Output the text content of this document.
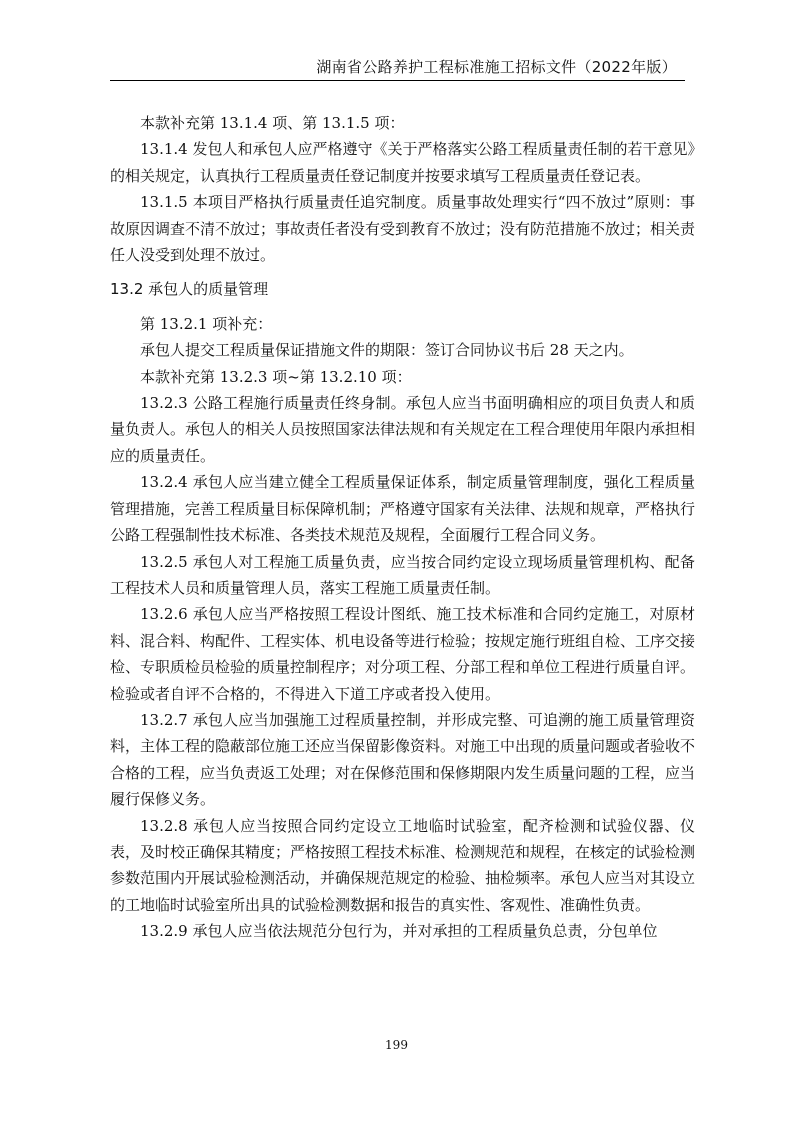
湖南省公路养护工程标准施工招标文件（2022年版）

本款补充第 13.1.4 项、第 13.1.5 项：

13.1.4 发包人和承包人应严格遵守《关于严格落实公路工程质量责任制的若干意见》的相关规定，认真执行工程质量责任登记制度并按要求填写工程质量责任登记表。

13.1.5 本项目严格执行质量责任追究制度。质量事故处理实行“四不放过”原则：事故原因调查不清不放过；事故责任者没有受到教育不放过；没有防范措施不放过；相关责任人没受到处理不放过。

13.2 承包人的质量管理

第 13.2.1 项补充：

承包人提交工程质量保证措施文件的期限：签订合同协议书后 28 天之内。

本款补充第 13.2.3 项~第 13.2.10 项：

13.2.3 公路工程施行质量责任终身制。承包人应当书面明确相应的项目负责人和质量负责人。承包人的相关人员按照国家法律法规和有关规定在工程合理使用年限内承担相应的质量责任。

13.2.4 承包人应当建立健全工程质量保证体系，制定质量管理制度，强化工程质量管理措施，完善工程质量目标保障机制；严格遵守国家有关法律、法规和规章，严格执行公路工程强制性技术标准、各类技术规范及规程，全面履行工程合同义务。

13.2.5 承包人对工程施工质量负责，应当按合同约定设立现场质量管理机构、配备工程技术人员和质量管理人员，落实工程施工质量责任制。

13.2.6 承包人应当严格按照工程设计图纸、施工技术标准和合同约定施工，对原材料、混合料、构配件、工程实体、机电设备等进行检验；按规定施行班组自检、工序交接检、专职质检员检验的质量控制程序；对分项工程、分部工程和单位工程进行质量自评。检验或者自评不合格的，不得进入下道工序或者投入使用。

13.2.7 承包人应当加强施工过程质量控制，并形成完整、可追溯的施工质量管理资料，主体工程的隐蔽部位施工还应当保留影像资料。对施工中出现的质量问题或者验收不合格的工程，应当负责返工处理；对在保修范围和保修期限内发生质量问题的工程，应当履行保修义务。

13.2.8 承包人应当按照合同约定设立工地临时试验室，配齐检测和试验仪器、仪表，及时校正确保其精度；严格按照工程技术标准、检测规范和规程，在核定的试验检测参数范围内开展试验检测活动，并确保规范规定的检验、抽检频率。承包人应当对其设立的工地临时试验室所出具的试验检测数据和报告的真实性、客观性、准确性负责。

13.2.9 承包人应当依法规范分包行为，并对承担的工程质量负总责，分包单位

199
